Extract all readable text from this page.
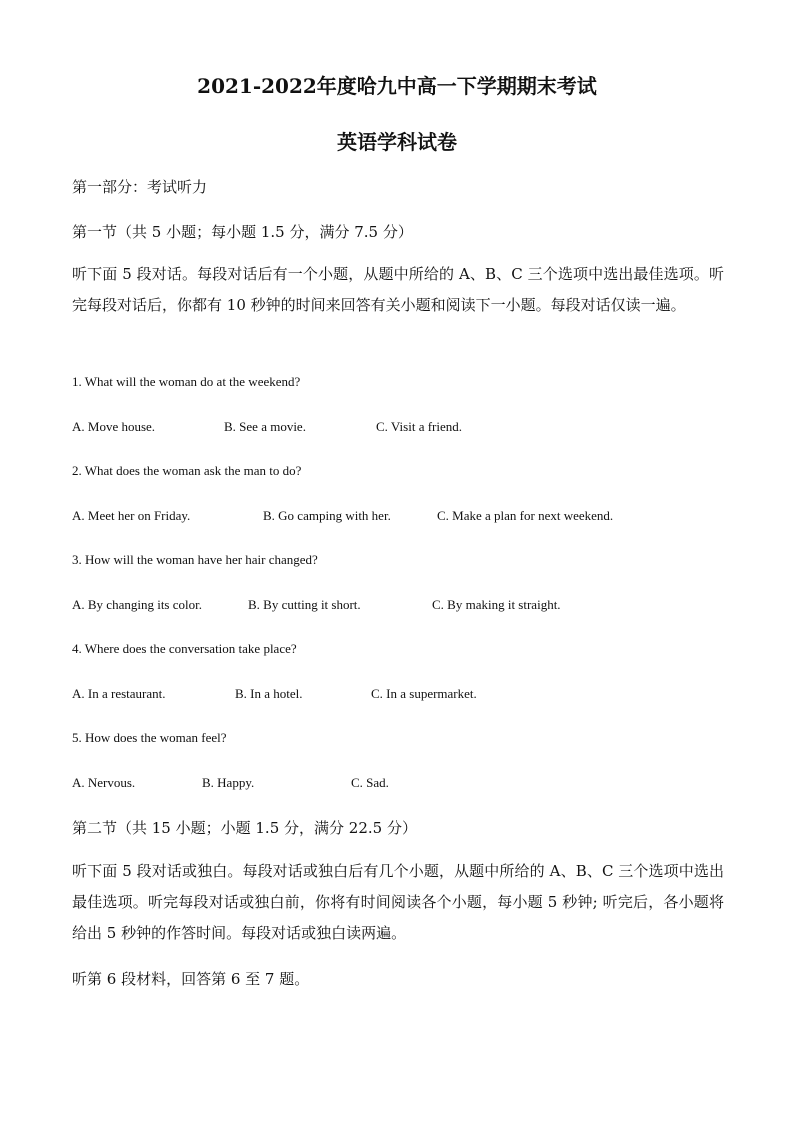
2021-2022年度哈九中高一下学期期末考试
英语学科试卷
第一部分：考试听力
第一节（共 5 小题；每小题 1.5 分，满分 7.5 分）
听下面 5 段对话。每段对话后有一个小题，从题中所给的 A、B、C 三个选项中选出最佳选项。听完每段对话后，你都有 10 秒钟的时间来回答有关小题和阅读下一小题。每段对话仅读一遍。
1. What will the woman do at the weekend?
A. Move house.	B. See a movie.	C. Visit a friend.
2. What does the woman ask the man to do?
A. Meet her on Friday.	B. Go camping with her.	C. Make a plan for next weekend.
3. How will the woman have her hair changed?
A. By changing its color.	B. By cutting it short.	C. By making it straight.
4. Where does the conversation take place?
A. In a restaurant.	B. In a hotel.	C. In a supermarket.
5. How does the woman feel?
A. Nervous.	B. Happy.	C. Sad.
第二节（共 15 小题；小题 1.5 分，满分 22.5 分）
听下面 5 段对话或独白。每段对话或独白后有几个小题，从题中所给的 A、B、C 三个选项中选出最佳选项。听完每段对话或独白前，你将有时间阅读各个小题，每小题 5 秒钟; 听完后，各小题将给出 5 秒钟的作答时间。每段对话或独白读两遍。
听第 6 段材料，回答第 6 至 7 题。
